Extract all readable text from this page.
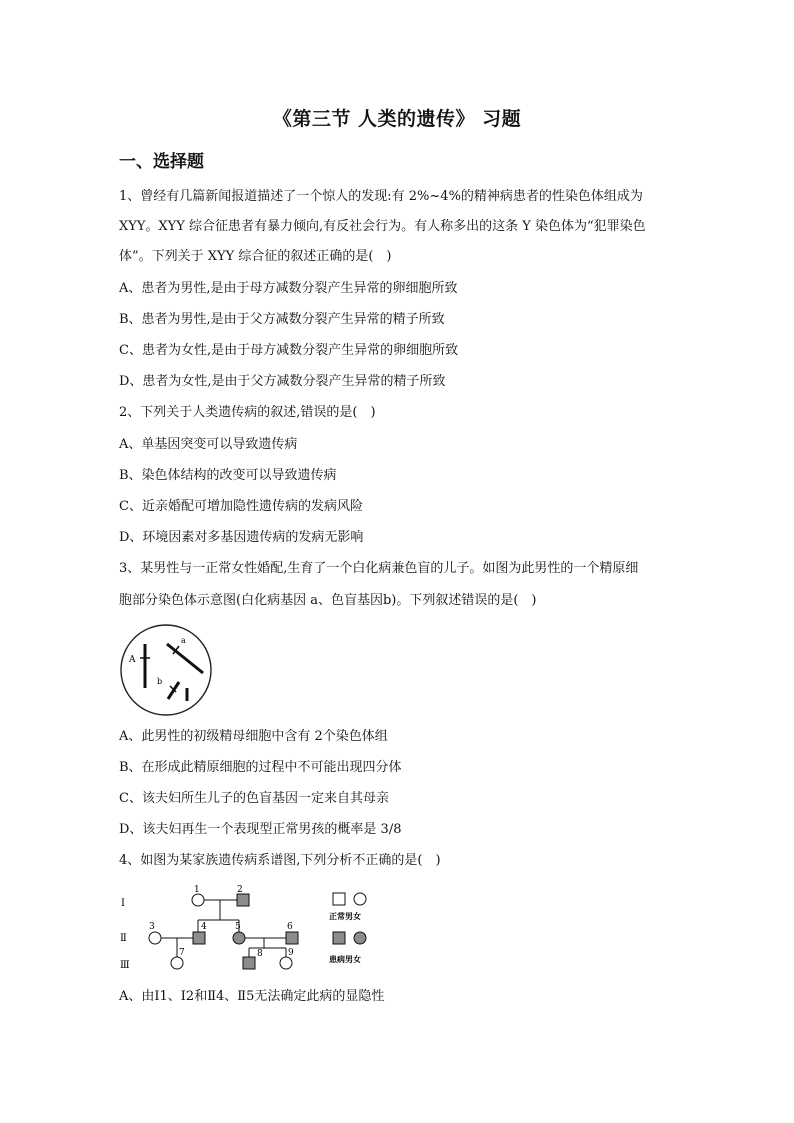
《第三节 人类的遗传》 习题
一、选择题
1、曾经有几篇新闻报道描述了一个惊人的发现:有 2%~4%的精神病患者的性染色体组成为
XYY。XYY 综合征患者有暴力倾向,有反社会行为。有人称多出的这条 Y 染色体为“犯罪染色
体”。下列关于 XYY 综合征的叙述正确的是(　)
A、患者为男性,是由于母方减数分裂产生异常的卵细胞所致
B、患者为男性,是由于父方减数分裂产生异常的精子所致
C、患者为女性,是由于母方减数分裂产生异常的卵细胞所致
D、患者为女性,是由于父方减数分裂产生异常的精子所致
2、下列关于人类遗传病的叙述,错误的是(　)
A、单基因突变可以导致遗传病
B、染色体结构的改变可以导致遗传病
C、近亲婚配可增加隐性遗传病的发病风险
D、环境因素对多基因遗传病的发病无影响
3、某男性与一正常女性婚配,生育了一个白化病兼色盲的儿子。如图为此男性的一个精原细
胞部分染色体示意图(白化病基因 a、色盲基因b)。下列叙述错误的是(　)
A
a
b
A、此男性的初级精母细胞中含有 2个染色体组
B、在形成此精原细胞的过程中不可能出现四分体
C、该夫妇所生儿子的色盲基因一定来自其母亲
D、该夫妇再生一个表现型正常男孩的概率是 3/8
4、如图为某家族遗传病系谱图,下列分析不正确的是(　)
Ⅰ
Ⅱ
Ⅲ
1	2
3	4	5	6
7	8	9
正常男女
患病男女
A、由Ⅰ1、Ⅰ2和Ⅱ4、Ⅱ5无法确定此病的显隐性
